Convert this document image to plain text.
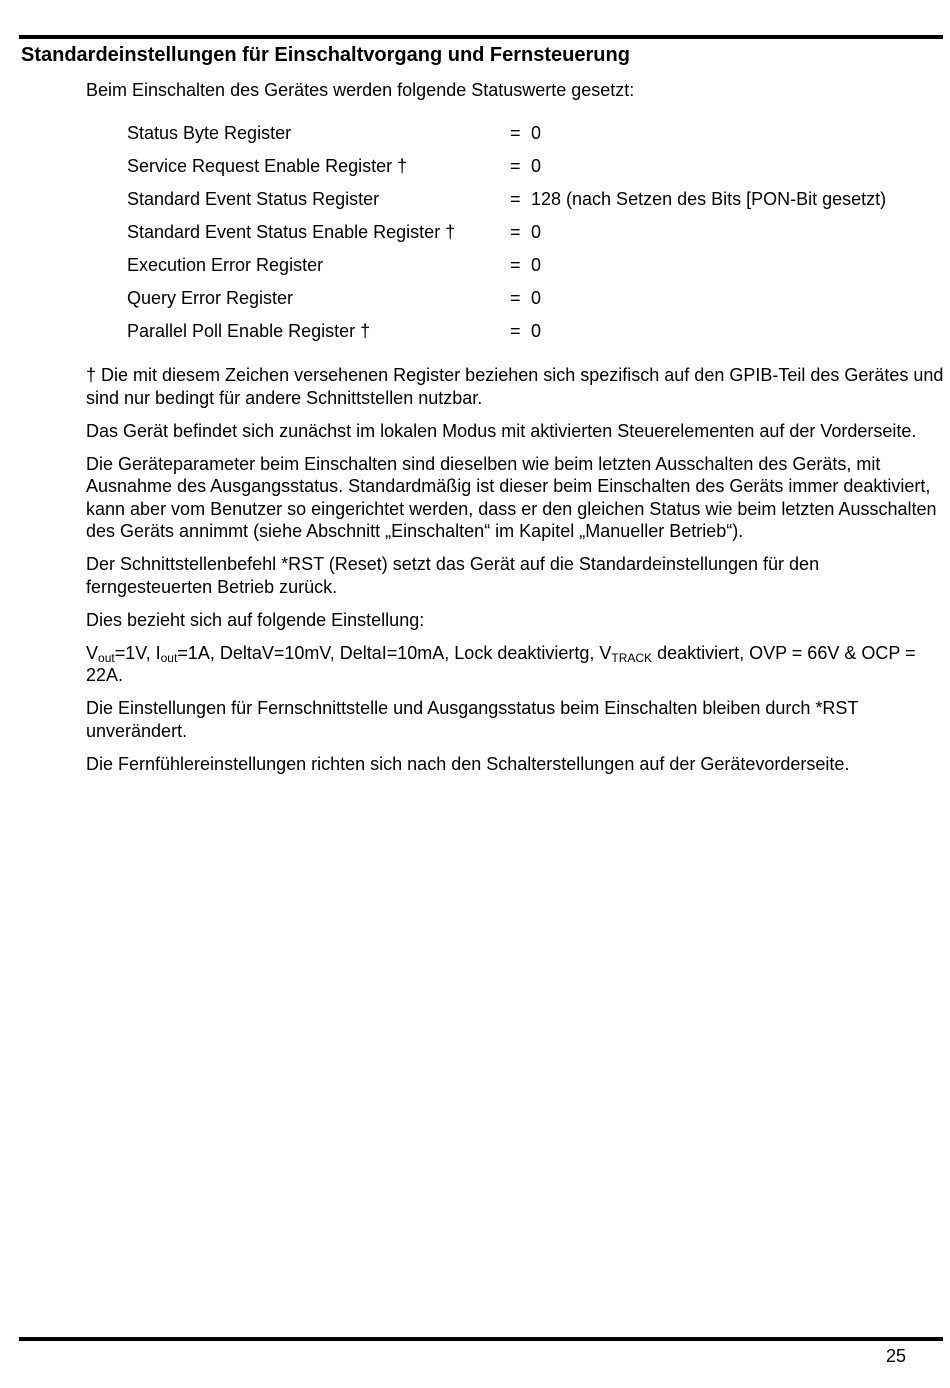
Standardeinstellungen für Einschaltvorgang und Fernsteuerung

Beim Einschalten des Gerätes werden folgende Statuswerte gesetzt:

Status Byte Register	= 0
Service Request Enable Register †	= 0
Standard Event Status Register	= 128 (nach Setzen des Bits [PON-Bit gesetzt)
Standard Event Status Enable Register †	= 0
Execution Error Register	= 0
Query Error Register	= 0
Parallel Poll Enable Register †	= 0

† Die mit diesem Zeichen versehenen Register beziehen sich spezifisch auf den GPIB-Teil des Gerätes und sind nur bedingt für andere Schnittstellen nutzbar.

Das Gerät befindet sich zunächst im lokalen Modus mit aktivierten Steuerelementen auf der Vorderseite.

Die Geräteparameter beim Einschalten sind dieselben wie beim letzten Ausschalten des Geräts, mit Ausnahme des Ausgangsstatus. Standardmäßig ist dieser beim Einschalten des Geräts immer deaktiviert, kann aber vom Benutzer so eingerichtet werden, dass er den gleichen Status wie beim letzten Ausschalten des Geräts annimmt (siehe Abschnitt „Einschalten“ im Kapitel „Manueller Betrieb“).

Der Schnittstellenbefehl *RST (Reset) setzt das Gerät auf die Standardeinstellungen für den ferngesteuerten Betrieb zurück.

Dies bezieht sich auf folgende Einstellung:

$V_{out}=1V$, $I_{out}=1A$, DeltaV=10mV, DeltaI=10mA, Lock deaktiviertg, $V_{TRACK}$ deaktiviert, OVP = 66V & OCP = 22A.

Die Einstellungen für Fernschnittstelle und Ausgangsstatus beim Einschalten bleiben durch *RST unverändert.

Die Fernfühlereinstellungen richten sich nach den Schalterstellungen auf der Gerätevorderseite.

25
